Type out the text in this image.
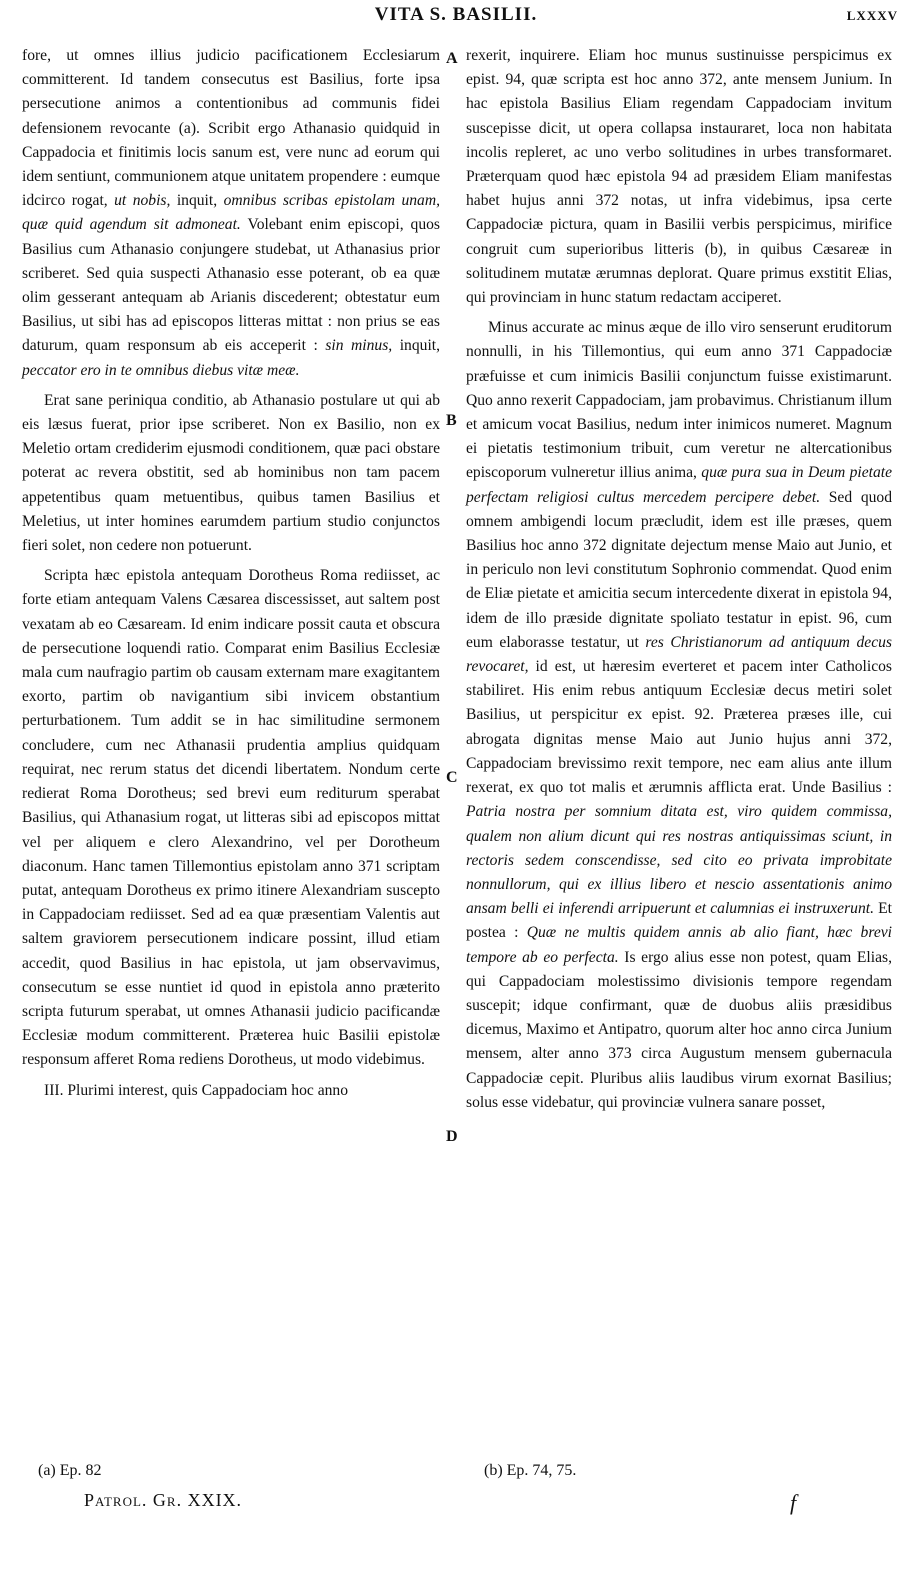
VITA S. BASILII.	LXXXV

fore, ut omnes illius judicio pacificationem Ecclesiarum committerent. Id tandem consecutus est Basilius, forte ipsa persecutione animos a contentionibus ad communis fidei defensionem revocante (a). Scribit ergo Athanasio quidquid in Cappadocia et finitimis locis sanum est, vere nunc ad eorum qui idem sentiunt, communionem atque unitatem propendere : eumque idcirco rogat, ut nobis, inquit, omnibus scribas epistolam unam, quæ quid agendum sit admoneat. Volebant enim episcopi, quos Basilius cum Athanasio conjungere studebat, ut Athanasius prior scriberet. Sed quia suspecti Athanasio esse poterant, ob ea quæ olim gesserant antequam ab Arianis discederent; obtestatur eum Basilius, ut sibi has ad episcopos litteras mittat : non prius se eas daturum, quam responsum ab eis acceperit : sin minus, inquit, peccator ero in te omnibus diebus vitæ meæ.

Erat sane periniqua conditio, ab Athanasio postulare ut qui ab eis læsus fuerat, prior ipse scriberet. Non ex Basilio, non ex Meletio ortam crediderim ejusmodi conditionem, quæ paci obstare poterat ac revera obstitit, sed ab hominibus non tam pacem appetentibus quam metuentibus, quibus tamen Basilius et Meletius, ut inter homines earumdem partium studio conjunctos fieri solet, non cedere non potuerunt.

Scripta hæc epistola antequam Dorotheus Roma rediisset, ac forte etiam antequam Valens Cæsarea discessisset, aut saltem post vexatam ab eo Cæsaream. Id enim indicare possit cauta et obscura de persecutione loquendi ratio. Comparat enim Basilius Ecclesiæ mala cum naufragio partim ob causam externam mare exagitantem exorto, partim ob navigantium sibi invicem obstantium perturbationem. Tum addit se in hac similitudine sermonem concludere, cum nec Athanasii prudentia amplius quidquam requirat, nec rerum status det dicendi libertatem. Nondum certe redierat Roma Dorotheus; sed brevi eum rediturum sperabat Basilius, qui Athanasium rogat, ut litteras sibi ad episcopos mittat vel per aliquem e clero Alexandrino, vel per Dorotheum diaconum. Hanc tamen Tillemontius epistolam anno 371 scriptam putat, antequam Dorotheus ex primo itinere Alexandriam suscepto in Cappadociam rediisset. Sed ad ea quæ præsentiam Valentis aut saltem graviorem persecutionem indicare possint, illud etiam accedit, quod Basilius in hac epistola, ut jam observavimus, consecutum se esse nuntiet id quod in epistola anno præterito scripta futurum sperabat, ut omnes Athanasii judicio pacificandæ Ecclesiæ modum committerent. Præterea huic Basilii epistolæ responsum afferet Roma rediens Dorotheus, ut modo videbimus.

III. Plurimi interest, quis Cappadociam hoc anno

rexerit, inquirere. Eliam hoc munus sustinuisse perspicimus ex epist. 94, quæ scripta est hoc anno 372, ante mensem Junium. In hac epistola Basilius Eliam regendam Cappadociam invitum suscepisse dicit, ut opera collapsa instauraret, loca non habitata incolis repleret, ac uno verbo solitudines in urbes transformaret. Præterquam quod hæc epistola 94 ad præsidem Eliam manifestas habet hujus anni 372 notas, ut infra videbimus, ipsa certe Cappadociæ pictura, quam in Basilii verbis perspicimus, mirifice congruit cum superioribus litteris (b), in quibus Cæsareæ in solitudinem mutatæ ærumnas deplorat. Quare primus exstitit Elias, qui provinciam in hunc statum redactam acciperet.

Minus accurate ac minus æque de illo viro senserunt eruditorum nonnulli, in his Tillemontius, qui eum anno 371 Cappadociæ præfuisse et cum inimicis Basilii conjunctum fuisse existimarunt. Quo anno rexerit Cappadociam, jam probavimus. Christianum illum et amicum vocat Basilius, nedum inter inimicos numeret. Magnum ei pietatis testimonium tribuit, cum veretur ne altercationibus episcoporum vulneretur illius anima, quæ pura sua in Deum pietate perfectam religiosi cultus mercedem percipere debet. Sed quod omnem ambigendi locum præcludit, idem est ille præses, quem Basilius hoc anno 372 dignitate dejectum mense Maio aut Junio, et in periculo non levi constitutum Sophronio commendat. Quod enim de Eliæ pietate et amicitia secum intercedente dixerat in epistola 94, idem de illo præside dignitate spoliato testatur in epist. 96, cum eum elaborasse testatur, ut res Christianorum ad antiquum decus revocaret, id est, ut hæresim everteret et pacem inter Catholicos stabiliret. His enim rebus antiquum Ecclesiæ decus metiri solet Basilius, ut perspicitur ex epist. 92. Præterea præses ille, cui abrogata dignitas mense Maio aut Junio hujus anni 372, Cappadociam brevissimo rexit tempore, nec eam alius ante illum rexerat, ex quo tot malis et ærumnis afflicta erat. Unde Basilius : Patria nostra per somnium ditata est, viro quidem commissa, qualem non alium dicunt qui res nostras antiquissimas sciunt, in rectoris sedem conscendisse, sed cito eo privata improbitate nonnullorum, qui ex illius libero et nescio assentationis animo ansam belli ei inferendi arripuerunt et calumnias ei instruxerunt. Et postea : Quæ ne multis quidem annis ab alio fiant, hæc brevi tempore ab eo perfecta. Is ergo alius esse non potest, quam Elias, qui Cappadociam molestissimo divisionis tempore regendam suscepit; idque confirmant, quæ de duobus aliis præsidibus dicemus, Maximo et Antipatro, quorum alter hoc anno circa Junium mensem, alter anno 373 circa Augustum mensem gubernacula Cappadociæ cepit. Pluribus aliis laudibus virum exornat Basilius; solus esse videbatur, qui provinciæ vulnera sanare posset,

A
B
C
D
(a) Ep. 82	(b) Ep. 74, 75.
Patrol. Gr. XXIX.	f
